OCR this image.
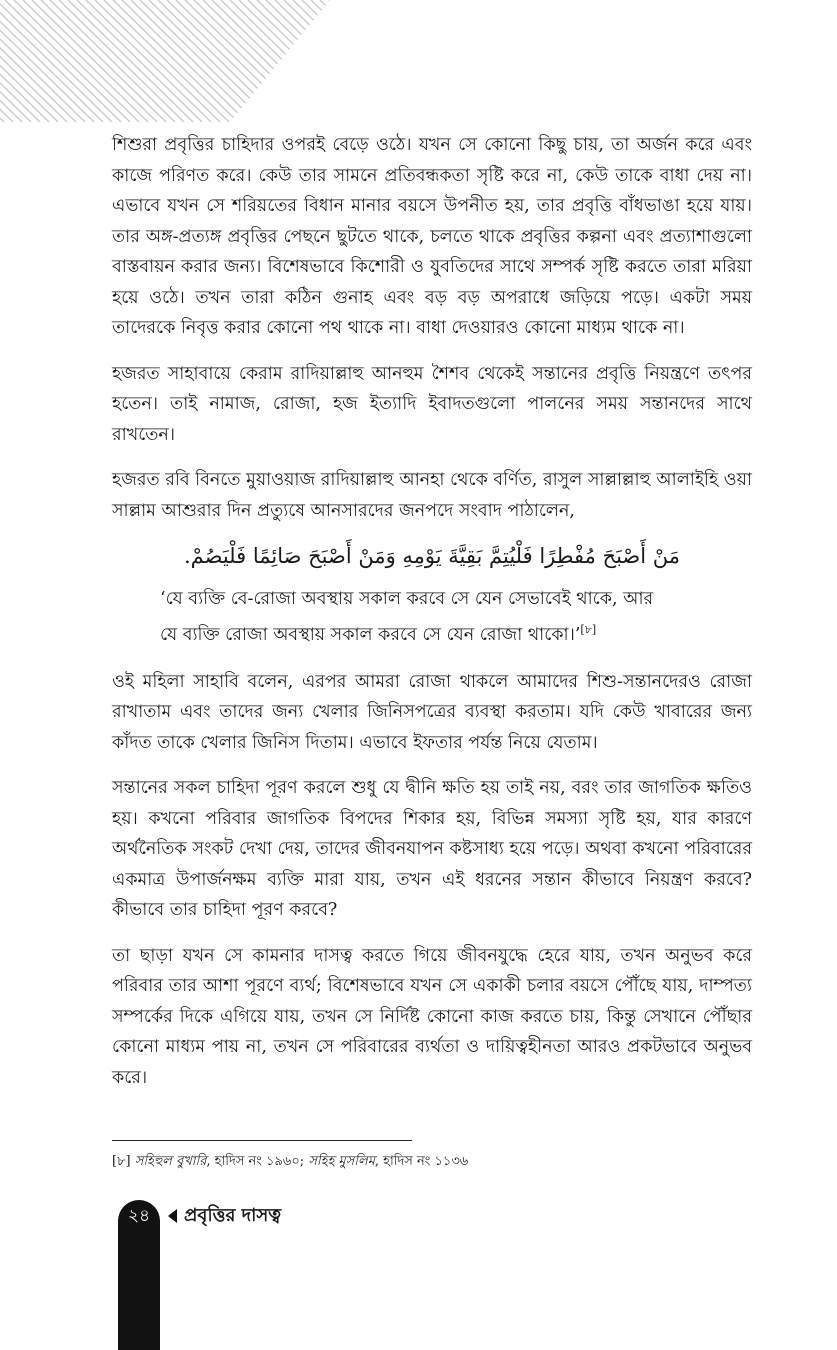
শিশুরা প্রবৃত্তির চাহিদার ওপরই বেড়ে ওঠে। যখন সে কোনো কিছু চায়, তা অর্জন করে এবং কাজে পরিণত করে। কেউ তার সামনে প্রতিবন্ধকতা সৃষ্টি করে না, কেউ তাকে বাধা দেয় না। এভাবে যখন সে শরিয়তের বিধান মানার বয়সে উপনীত হয়, তার প্রবৃত্তি বাঁধভাঙা হয়ে যায়। তার অঙ্গ-প্রত্যঙ্গ প্রবৃত্তির পেছনে ছুটতে থাকে, চলতে থাকে প্রবৃত্তির কল্পনা এবং প্রত্যাশাগুলো বাস্তবায়ন করার জন্য। বিশেষভাবে কিশোরী ও যুবতিদের সাথে সম্পর্ক সৃষ্টি করতে তারা মরিয়া হয়ে ওঠে। তখন তারা কঠিন গুনাহ এবং বড় বড় অপরাধে জড়িয়ে পড়ে। একটা সময় তাদেরকে নিবৃত্ত করার কোনো পথ থাকে না। বাধা দেওয়ারও কোনো মাধ্যম থাকে না।

হজরত সাহাবায়ে কেরাম রাদিয়াল্লাহু আনহুম শৈশব থেকেই সন্তানের প্রবৃত্তি নিয়ন্ত্রণে তৎপর হতেন। তাই নামাজ, রোজা, হজ ইত্যাদি ইবাদতগুলো পালনের সময় সন্তানদের সাথে রাখতেন।

হজরত রবি বিনতে মুয়াওয়াজ রাদিয়াল্লাহু আনহা থেকে বর্ণিত, রাসুল সাল্লাল্লাহু আলাইহি ওয়া সাল্লাম আশুরার দিন প্রত্যুষে আনসারদের জনপদে সংবাদ পাঠালেন,

مَنْ أَصْبَحَ مُفْطِرًا فَلْيُتِمَّ بَقِيَّةَ يَوْمِهِ وَمَنْ أَصْبَحَ صَائِمًا فَلْيَصُمْ.
‘যে ব্যক্তি বে-রোজা অবস্থায় সকাল করবে সে যেন সেভাবেই থাকে, আর
যে ব্যক্তি রোজা অবস্থায় সকাল করবে সে যেন রোজা থাকো।’[৮]

ওই মহিলা সাহাবি বলেন, এরপর আমরা রোজা থাকলে আমাদের শিশু-সন্তানদেরও রোজা রাখাতাম এবং তাদের জন্য খেলার জিনিসপত্রের ব্যবস্থা করতাম। যদি কেউ খাবারের জন্য কাঁদত তাকে খেলার জিনিস দিতাম। এভাবে ইফতার পর্যন্ত নিয়ে যেতাম।

সন্তানের সকল চাহিদা পূরণ করলে শুধু যে দ্বীনি ক্ষতি হয় তাই নয়, বরং তার জাগতিক ক্ষতিও হয়। কখনো পরিবার জাগতিক বিপদের শিকার হয়, বিভিন্ন সমস্যা সৃষ্টি হয়, যার কারণে অর্থনৈতিক সংকট দেখা দেয়, তাদের জীবনযাপন কষ্টসাধ্য হয়ে পড়ে। অথবা কখনো পরিবারের একমাত্র উপার্জনক্ষম ব্যক্তি মারা যায়, তখন এই ধরনের সন্তান কীভাবে নিয়ন্ত্রণ করবে? কীভাবে তার চাহিদা পূরণ করবে?

তা ছাড়া যখন সে কামনার দাসত্ব করতে গিয়ে জীবনযুদ্ধে হেরে যায়, তখন অনুভব করে পরিবার তার আশা পূরণে ব্যর্থ; বিশেষভাবে যখন সে একাকী চলার বয়সে পৌঁছে যায়, দাম্পত্য সম্পর্কের দিকে এগিয়ে যায়, তখন সে নির্দিষ্ট কোনো কাজ করতে চায়, কিন্তু সেখানে পৌঁছার কোনো মাধ্যম পায় না, তখন সে পরিবারের ব্যর্থতা ও দায়িত্বহীনতা আরও প্রকটভাবে অনুভব করে।

[৮] সহিহুল বুখারি, হাদিস নং ১৯৬০; সহিহ মুসলিম, হাদিস নং ১১৩৬
২৪	প্রবৃত্তির দাসত্ব
